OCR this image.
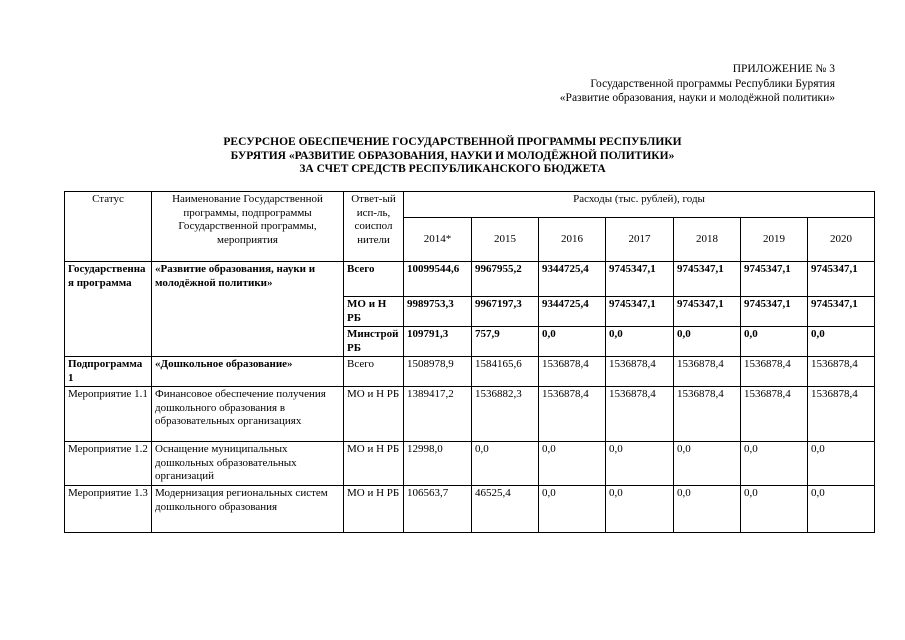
ПРИЛОЖЕНИЕ № 3
Государственной программы Республики Бурятия
«Развитие образования, науки и молодёжной политики»
РЕСУРСНОЕ ОБЕСПЕЧЕНИЕ ГОСУДАРСТВЕННОЙ ПРОГРАММЫ РЕСПУБЛИКИ
БУРЯТИЯ «РАЗВИТИЕ ОБРАЗОВАНИЯ, НАУКИ И МОЛОДЁЖНОЙ ПОЛИТИКИ»
ЗА СЧЕТ СРЕДСТВ РЕСПУБЛИКАНСКОГО БЮДЖЕТА
Статус	Наименование Государственной программы, подпрограммы Государственной программы, мероприятия	Ответ-ый исп-ль, соиспол нители	Расходы (тыс. рублей), годы						
			2014*	2015	2016	2017	2018	2019	2020
Государственная программа	«Развитие образования, науки и молодёжной политики»	Всего	10099544,6	9967955,2	9344725,4	9745347,1	9745347,1	9745347,1	9745347,1
		МО и Н РБ	9989753,3	9967197,3	9344725,4	9745347,1	9745347,1	9745347,1	9745347,1
		Минстрой РБ	109791,3	757,9	0,0	0,0	0,0	0,0	0,0
Подпрограмма 1	«Дошкольное образование»	Всего	1508978,9	1584165,6	1536878,4	1536878,4	1536878,4	1536878,4	1536878,4
Мероприятие 1.1	Финансовое обеспечение получения дошкольного образования в образовательных организациях	МО и Н РБ	1389417,2	1536882,3	1536878,4	1536878,4	1536878,4	1536878,4	1536878,4
Мероприятие 1.2	Оснащение муниципальных дошкольных образовательных организаций	МО и Н РБ	12998,0	0,0	0,0	0,0	0,0	0,0	0,0
Мероприятие 1.3	Модернизация региональных систем дошкольного образования	МО и Н РБ	106563,7	46525,4	0,0	0,0	0,0	0,0	0,0
